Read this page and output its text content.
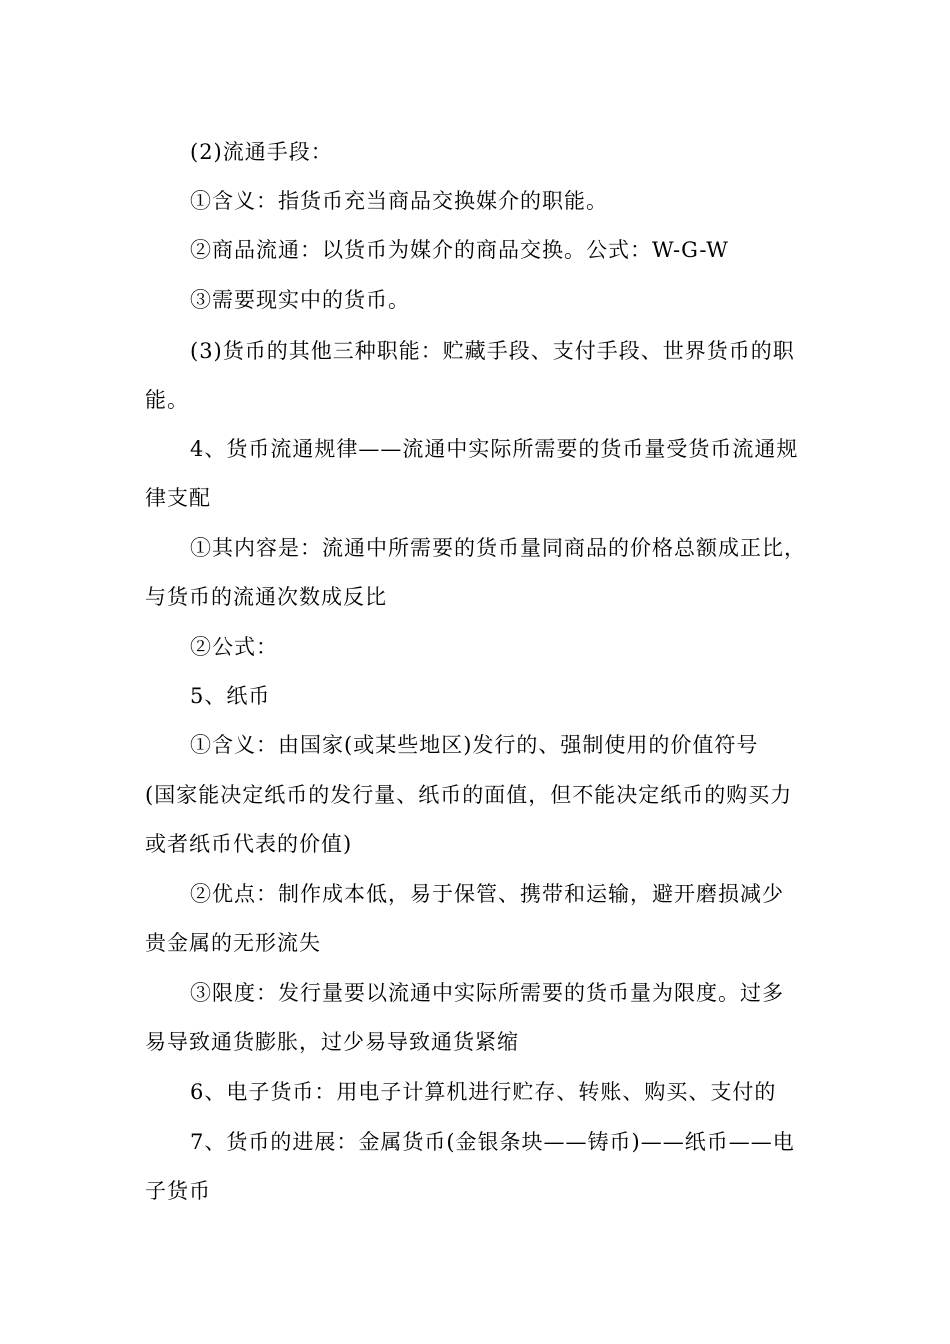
(2)流通手段：
①含义：指货币充当商品交换媒介的职能。
②商品流通：以货币为媒介的商品交换。公式：W-G-W
③需要现实中的货币。
(3)货币的其他三种职能：贮藏手段、支付手段、世界货币的职
能。
4、货币流通规律——流通中实际所需要的货币量受货币流通规
律支配
①其内容是：流通中所需要的货币量同商品的价格总额成正比，
与货币的流通次数成反比
②公式：
5、纸币
①含义：由国家(或某些地区)发行的、强制使用的价值符号
(国家能决定纸币的发行量、纸币的面值，但不能决定纸币的购买力
或者纸币代表的价值)
②优点：制作成本低，易于保管、携带和运输，避开磨损减少
贵金属的无形流失
③限度：发行量要以流通中实际所需要的货币量为限度。过多
易导致通货膨胀，过少易导致通货紧缩
6、电子货币：用电子计算机进行贮存、转账、购买、支付的
7、货币的进展：金属货币(金银条块——铸币)——纸币——电
子货币
